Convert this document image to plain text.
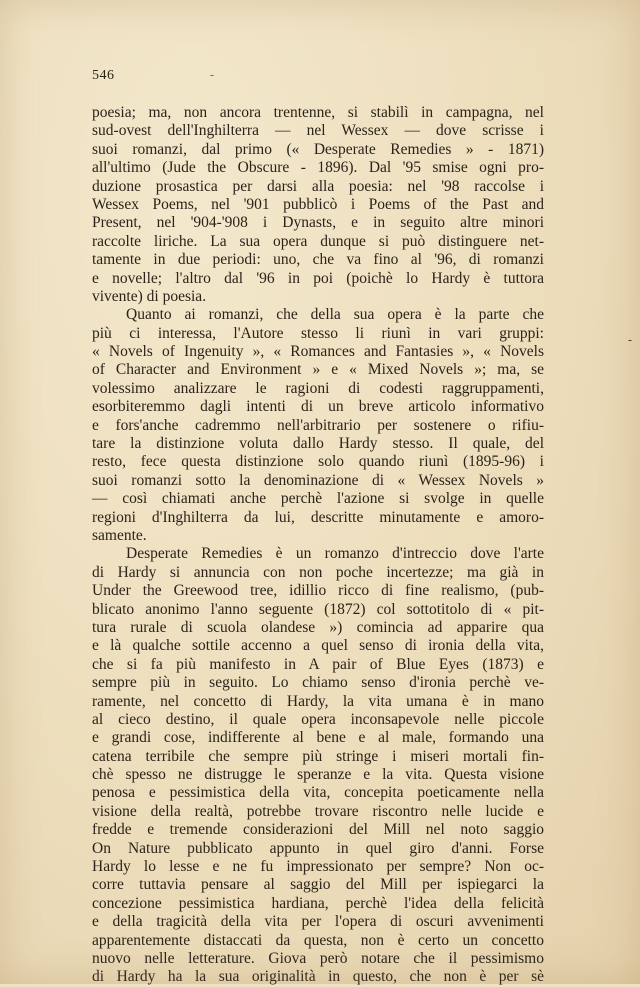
546	-
-
poesia; ma, non ancora trentenne, si stabilì in campagna, nel
sud-ovest dell'Inghilterra — nel Wessex — dove scrisse i
suoi romanzi, dal primo (« Desperate Remedies » - 1871)
all'ultimo (Jude the Obscure - 1896). Dal '95 smise ogni pro-
duzione prosastica per darsi alla poesia: nel '98 raccolse i
Wessex Poems, nel '901 pubblicò i Poems of the Past and
Present, nel '904-'908 i Dynasts, e in seguito altre minori
raccolte liriche. La sua opera dunque si può distinguere net-
tamente in due periodi: uno, che va fino al '96, di romanzi
e novelle; l'altro dal '96 in poi (poichè lo Hardy è tuttora
vivente) di poesia.
Quanto ai romanzi, che della sua opera è la parte che
più ci interessa, l'Autore stesso li riunì in vari gruppi:
« Novels of Ingenuity », « Romances and Fantasies », « Novels
of Character and Environment » e « Mixed Novels »; ma, se
volessimo analizzare le ragioni di codesti raggruppamenti,
esorbiteremmo dagli intenti di un breve articolo informativo
e fors'anche cadremmo nell'arbitrario per sostenere o rifiu-
tare la distinzione voluta dallo Hardy stesso. Il quale, del
resto, fece questa distinzione solo quando riunì (1895-96) i
suoi romanzi sotto la denominazione di « Wessex Novels »
— così chiamati anche perchè l'azione si svolge in quelle
regioni d'Inghilterra da lui, descritte minutamente e amoro-
samente.
Desperate Remedies è un romanzo d'intreccio dove l'arte
di Hardy si annuncia con non poche incertezze; ma già in
Under the Greewood tree, idillio ricco di fine realismo, (pub-
blicato anonimo l'anno seguente (1872) col sottotitolo di « pit-
tura rurale di scuola olandese ») comincia ad apparire qua
e là qualche sottile accenno a quel senso di ironia della vita,
che si fa più manifesto in A pair of Blue Eyes (1873) e
sempre più in seguito. Lo chiamo senso d'ironia perchè ve-
ramente, nel concetto di Hardy, la vita umana è in mano
al cieco destino, il quale opera inconsapevole nelle piccole
e grandi cose, indifferente al bene e al male, formando una
catena terribile che sempre più stringe i miseri mortali fin-
chè spesso ne distrugge le speranze e la vita. Questa visione
penosa e pessimistica della vita, concepita poeticamente nella
visione della realtà, potrebbe trovare riscontro nelle lucide e
fredde e tremende considerazioni del Mill nel noto saggio
On Nature pubblicato appunto in quel giro d'anni. Forse
Hardy lo lesse e ne fu impressionato per sempre? Non oc-
corre tuttavia pensare al saggio del Mill per ispiegarci la
concezione pessimistica hardiana, perchè l'idea della felicità
e della tragicità della vita per l'opera di oscuri avvenimenti
apparentemente distaccati da questa, non è certo un concetto
nuovo nelle letterature. Giova però notare che il pessimismo
di Hardy ha la sua originalità in questo, che non è per sè
